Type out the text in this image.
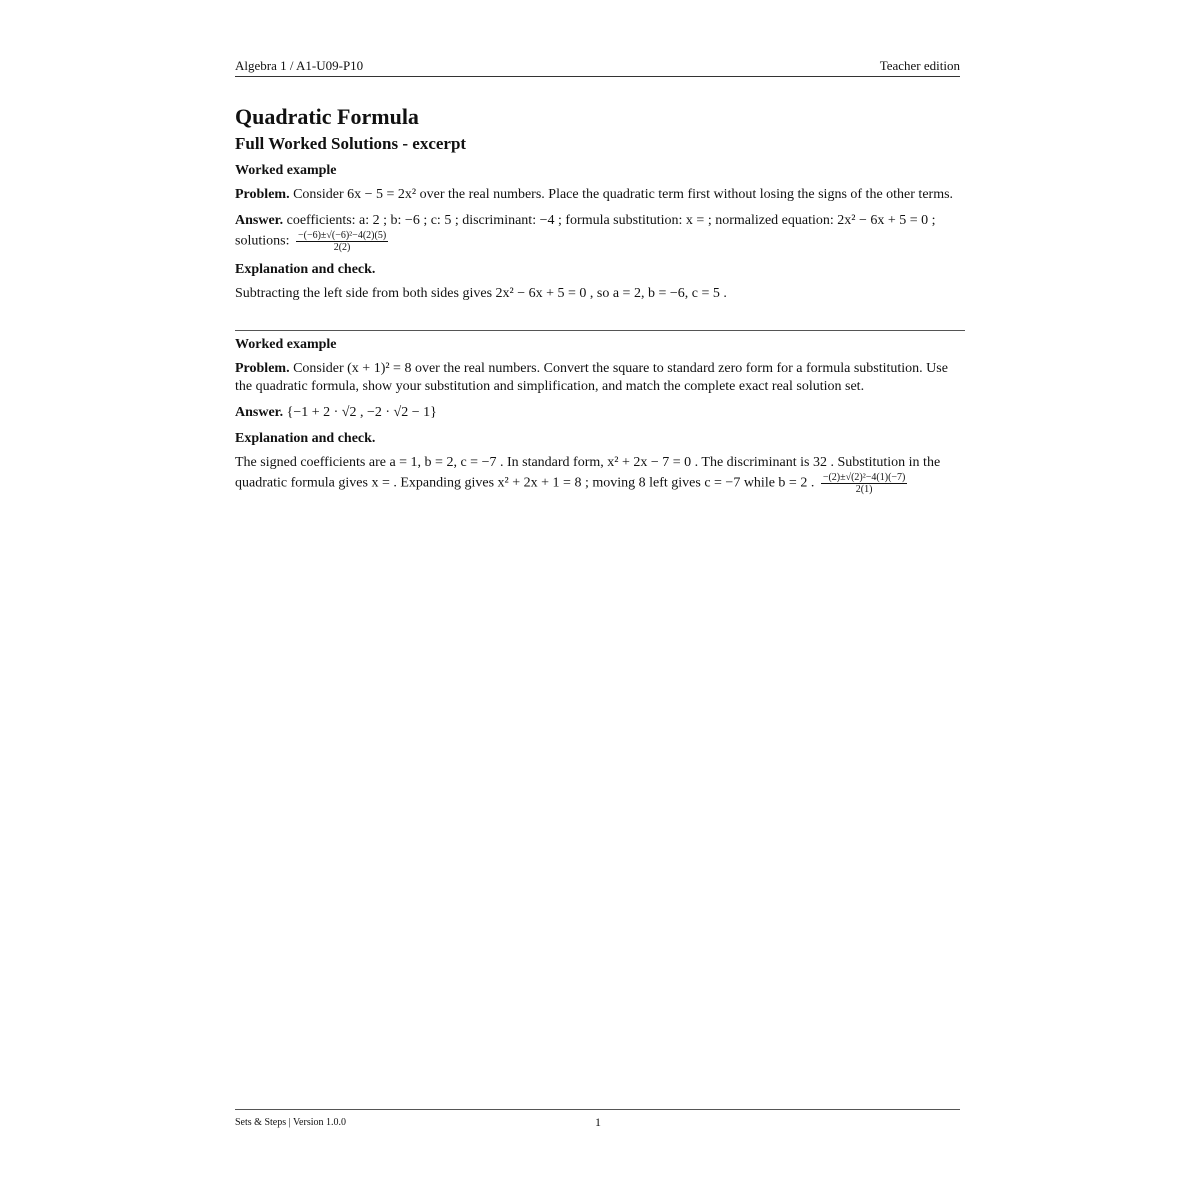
Algebra 1 / A1-U09-P10	Teacher edition
Quadratic Formula
Full Worked Solutions - excerpt

Worked example

Problem. Consider 6x − 5 = 2x² over the real numbers. Place the quadratic term first without losing the signs of the other terms.

Answer. coefficients: a: 2 ; b: −6 ; c: 5 ; discriminant: −4 ; formula substitution: x = ; normalized equation: 2x² − 6x + 5 = 0 ; solutions: $\frac{\text{−(−6)±√(−6)²−4(2)(5)}}{2(2)}$

Explanation and check.

Subtracting the left side from both sides gives 2x² − 6x + 5 = 0 , so a = 2, b = −6, c = 5 .

Worked example

Problem. Consider (x + 1)² = 8 over the real numbers. Convert the square to standard zero form for a formula substitution. Use the quadratic formula, show your substitution and simplification, and match the complete exact real solution set.

Answer. {−1 + 2 · √2 , −2 · √2 − 1}

Explanation and check.

The signed coefficients are a = 1, b = 2, c = −7 . In standard form, x² + 2x − 7 = 0 . The discriminant is 32 . Substitution in the quadratic formula gives x = . Expanding gives x² + 2x + 1 = 8 ; moving 8 left gives c = −7 while b = 2 . $\frac{\text{−(2)±√(2)²−4(1)(−7)}}{2(1)}$

Sets & Steps | Version 1.0.0	1
